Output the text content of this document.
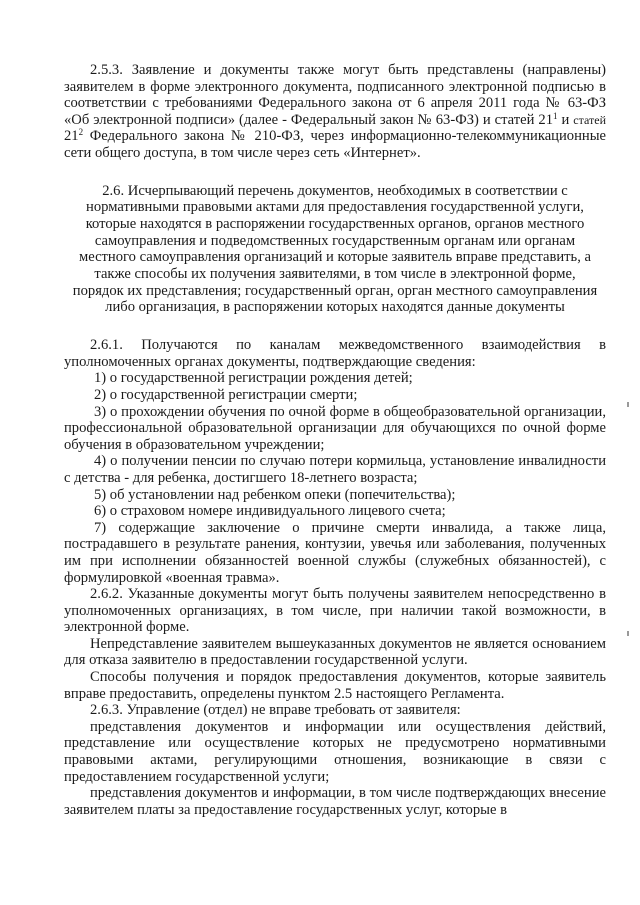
2.5.3. Заявление и документы также могут быть представлены (направлены) заявителем в форме электронного документа, подписанного электронной подписью в соответствии с требованиями Федерального закона от 6 апреля 2011 года № 63-ФЗ «Об электронной подписи» (далее - Федеральный закон № 63-ФЗ) и статей $21^1$ и статей $21^2$ Федерального закона № 210-ФЗ, через информационно-телекоммуникационные сети общего доступа, в том числе через сеть «Интернет».

2.6. Исчерпывающий перечень документов, необходимых в соответствии с нормативными правовыми актами для предоставления государственной услуги, которые находятся в распоряжении государственных органов, органов местного самоуправления и подведомственных государственным органам или органам местного самоуправления организаций и которые заявитель вправе представить, а также способы их получения заявителями, в том числе в электронной форме, порядок их представления; государственный орган, орган местного самоуправления либо организация, в распоряжении которых находятся данные документы

2.6.1. Получаются по каналам межведомственного взаимодействия в уполномоченных органах документы, подтверждающие сведения:

1) о государственной регистрации рождения детей;

2) о государственной регистрации смерти;

3) о прохождении обучения по очной форме в общеобразовательной организации, профессиональной образовательной организации для обучающихся по очной форме обучения в образовательном учреждении;

4) о получении пенсии по случаю потери кормильца, установление инвалидности с детства - для ребенка, достигшего 18-летнего возраста;

5) об установлении над ребенком опеки (попечительства);

6) о страховом номере индивидуального лицевого счета;

7) содержащие заключение о причине смерти инвалида, а также лица, пострадавшего в результате ранения, контузии, увечья или заболевания, полученных им при исполнении обязанностей военной службы (служебных обязанностей), с формулировкой «военная травма».

2.6.2. Указанные документы могут быть получены заявителем непосредственно в уполномоченных организациях, в том числе, при наличии такой возможности, в электронной форме.

Непредставление заявителем вышеуказанных документов не является основанием для отказа заявителю в предоставлении государственной услуги.

Способы получения и порядок предоставления документов, которые заявитель вправе предоставить, определены пунктом 2.5 настоящего Регламента.

2.6.3. Управление (отдел) не вправе требовать от заявителя:

представления документов и информации или осуществления действий, представление или осуществление которых не предусмотрено нормативными правовыми актами, регулирующими отношения, возникающие в связи с предоставлением государственной услуги;

представления документов и информации, в том числе подтверждающих внесение заявителем платы за предоставление государственных услуг, которые в
